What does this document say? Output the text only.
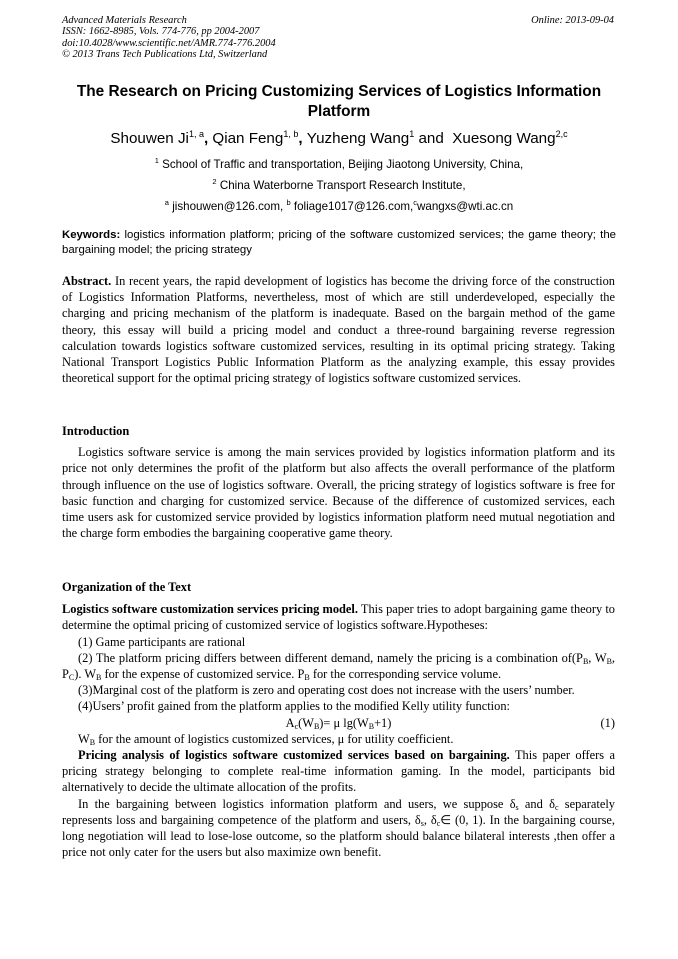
Advanced Materials Research
ISSN: 1662-8985, Vols. 774-776, pp 2004-2007
doi:10.4028/www.scientific.net/AMR.774-776.2004
© 2013 Trans Tech Publications Ltd, Switzerland
Online: 2013-09-04
The Research on Pricing Customizing Services of Logistics Information Platform
Shouwen Ji$^{1, a}$, Qian Feng$^{1, b}$, Yuzheng Wang$^1$ and  Xuesong Wang$^{2,c}$
$^1$ School of Traffic and transportation, Beijing Jiaotong University, China,
$^2$ China Waterborne Transport Research Institute,
$^a$ jishouwen@126.com, $^b$ foliage1017@126.com,$^c$wangxs@wti.ac.cn
Keywords: logistics information platform; pricing of the software customized services; the game theory; the bargaining model; the pricing strategy

Abstract. In recent years, the rapid development of logistics has become the driving force of the construction of Logistics Information Platforms, nevertheless, most of which are still underdeveloped, especially the charging and pricing mechanism of the platform is inadequate. Based on the bargain method of the game theory, this essay will build a pricing model and conduct a three-round bargaining reverse regression calculation towards logistics software customized services, resulting in its optimal pricing strategy. Taking National Transport Logistics Public Information Platform as the analyzing example, this essay provides theoretical support for the optimal pricing strategy of logistics software customized services.

Introduction

Logistics software service is among the main services provided by logistics information platform and its price not only determines the profit of the platform but also affects the overall performance of the platform through influence on the use of logistics software. Overall, the pricing strategy of logistics software is free for basic function and charging for customized service. Because of the difference of customized services, each time users ask for customized service provided by logistics information platform need mutual negotiation and the charge form embodies the bargaining cooperative game theory.

Organization of the Text

Logistics software customization services pricing model. This paper tries to adopt bargaining game theory to determine the optimal pricing of customized service of logistics software.Hypotheses:

(1) Game participants are rational

(2) The platform pricing differs between different demand, namely the pricing is a combination $of(P_B$, $W_B$, $P_C$). $W_B$ for the expense of customized service. $P_B$ for the corresponding service volume.

(3)Marginal cost of the platform is zero and operating cost does not increase with the users’ number.

(4)Users’ profit gained from the platform applies to the modified Kelly utility function:

$A_c(W_B)= \mu$ $\lg(W_B+1)$	(1)

$W_B$ for the amount of logistics customized services, μ for utility coefficient.

Pricing analysis of logistics software customized services based on bargaining. This paper offers a pricing strategy belonging to complete real-time information gaming. In the model, participants bid alternatively to decide the ultimate allocation of the profits.

In the bargaining between logistics information platform and users, we suppose $\delta_s$ and $\delta_c$ separately represents loss and bargaining competence of the platform and users, $\delta_s$, $\delta_c\in$ (0, 1). In the bargaining course, long negotiation will lead to lose-lose outcome, so the platform should balance bilateral interests ,then offer a price not only cater for the users but also maximize own benefit.
